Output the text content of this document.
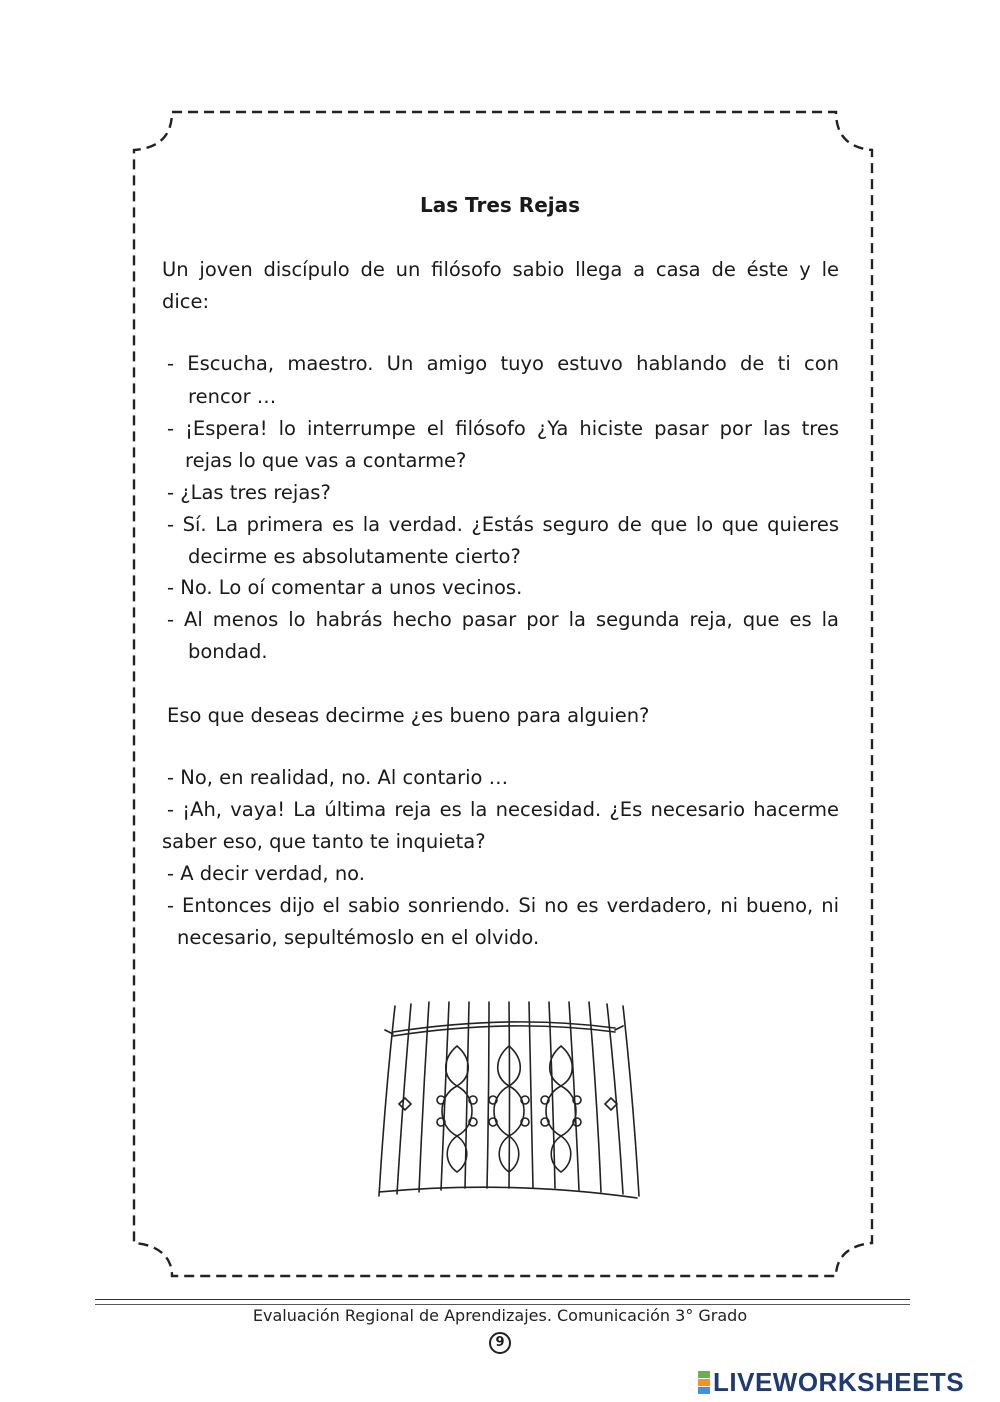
Las Tres Rejas
Un joven discípulo de un filósofo sabio llega a casa de éste y le
dice:
- Escucha, maestro. Un amigo tuyo estuvo hablando de ti con
rencor …
- ¡Espera! lo interrumpe el filósofo ¿Ya hiciste pasar por las tres
rejas lo que vas a contarme?
- ¿Las tres rejas?
- Sí. La primera es la verdad. ¿Estás seguro de que lo que quieres
decirme es absolutamente cierto?
- No. Lo oí comentar a unos vecinos.
- Al menos lo habrás hecho pasar por la segunda reja, que es la
bondad.
Eso que deseas decirme ¿es bueno para alguien?
- No, en realidad, no. Al contario …
- ¡Ah, vaya! La última reja es la necesidad. ¿Es necesario hacerme
saber eso, que tanto te inquieta?
- A decir verdad, no.
- Entonces dijo el sabio sonriendo. Si no es verdadero, ni bueno, ni
necesario, sepultémoslo en el olvido.
Evaluación Regional de Aprendizajes. Comunicación 3° Grado
9
LIVEWORKSHEETS
